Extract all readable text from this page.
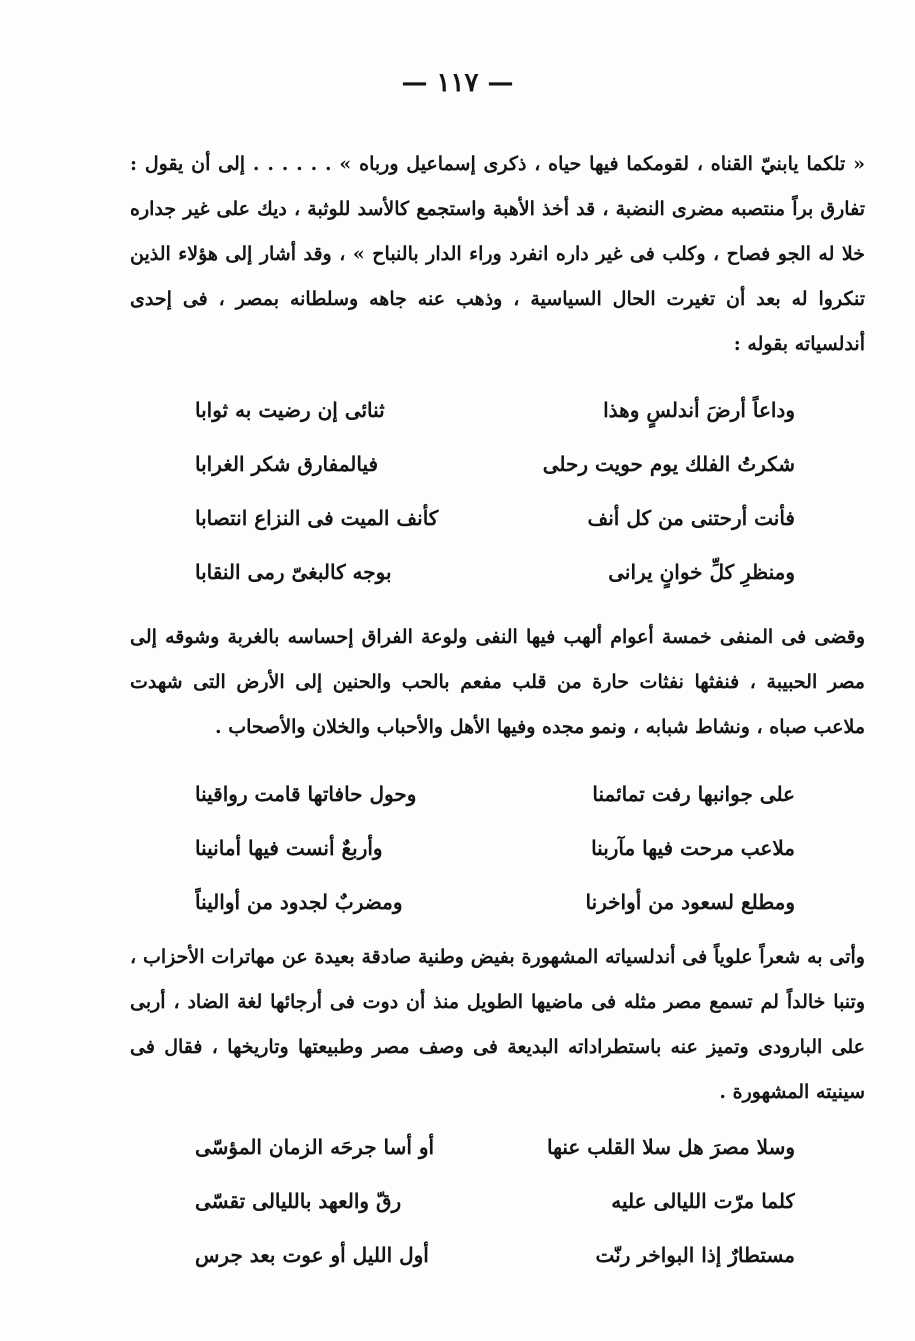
— ١١٧ —

« تلكما يابنيّ القناه ، لقومكما فيها حياه ، ذكرى إسماعيل ورباه » . . . . . . إلى أن يقول : تفارق براً منتصبه مضرى النضبة ، قد أخذ الأهبة واستجمع كالأسد للوثبة ، ديك على غير جداره خلا له الجو فصاح ، وكلب فى غير داره انفرد وراء الدار بالنباح » ، وقد أشار إلى هؤلاء الذين تنكروا له بعد أن تغيرت الحال السياسية ، وذهب عنه جاهه وسلطانه بمصر ، فى إحدى أندلسياته بقوله :

وداعاً أرضَ أندلسٍ وهذا
ثنائى إن رضيت به ثوابا
شكرتُ الفلك يوم حويت رحلى
فيالمفارق شكر الغرابا
فأنت أرحتنى من كل أنف
كأنف الميت فى النزاع انتصابا
ومنظرِ كلِّ خوانٍ يرانى
بوجه كالبغىّ رمى النقابا

وقضى فى المنفى خمسة أعوام ألهب فيها النفى ولوعة الفراق إحساسه بالغربة وشوقه إلى مصر الحبيبة ، فنفثها نفثات حارة من قلب مفعم بالحب والحنين إلى الأرض التى شهدت ملاعب صباه ، ونشاط شبابه ، ونمو مجده وفيها الأهل والأحباب والخلان والأصحاب .

على جوانبها رفت تمائمنا
وحول حافاتها قامت رواقينا
ملاعب مرحت فيها مآربنا
وأربعٌ أنست فيها أمانينا
ومطلع لسعود من أواخرنا
ومضربٌ لجدود من أواليناً

وأتى به شعراً علوياً فى أندلسياته المشهورة بفيض وطنية صادقة بعيدة عن مهاترات الأحزاب ، وتنبا خالداً لم تسمع مصر مثله فى ماضيها الطويل منذ أن دوت فى أرجائها لغة الضاد ، أربى على البارودى وتميز عنه باستطراداته البديعة فى وصف مصر وطبيعتها وتاريخها ، فقال فى سينيته المشهورة .

وسلا مصرَ هل سلا القلب عنها
أو أسا جرحَه الزمان المؤسّى
كلما مرّت الليالى عليه
رقّ والعهد بالليالى تقسّى
مستطارٌ إذا البواخر رنّت
أول الليل أو عوت بعد جرس
